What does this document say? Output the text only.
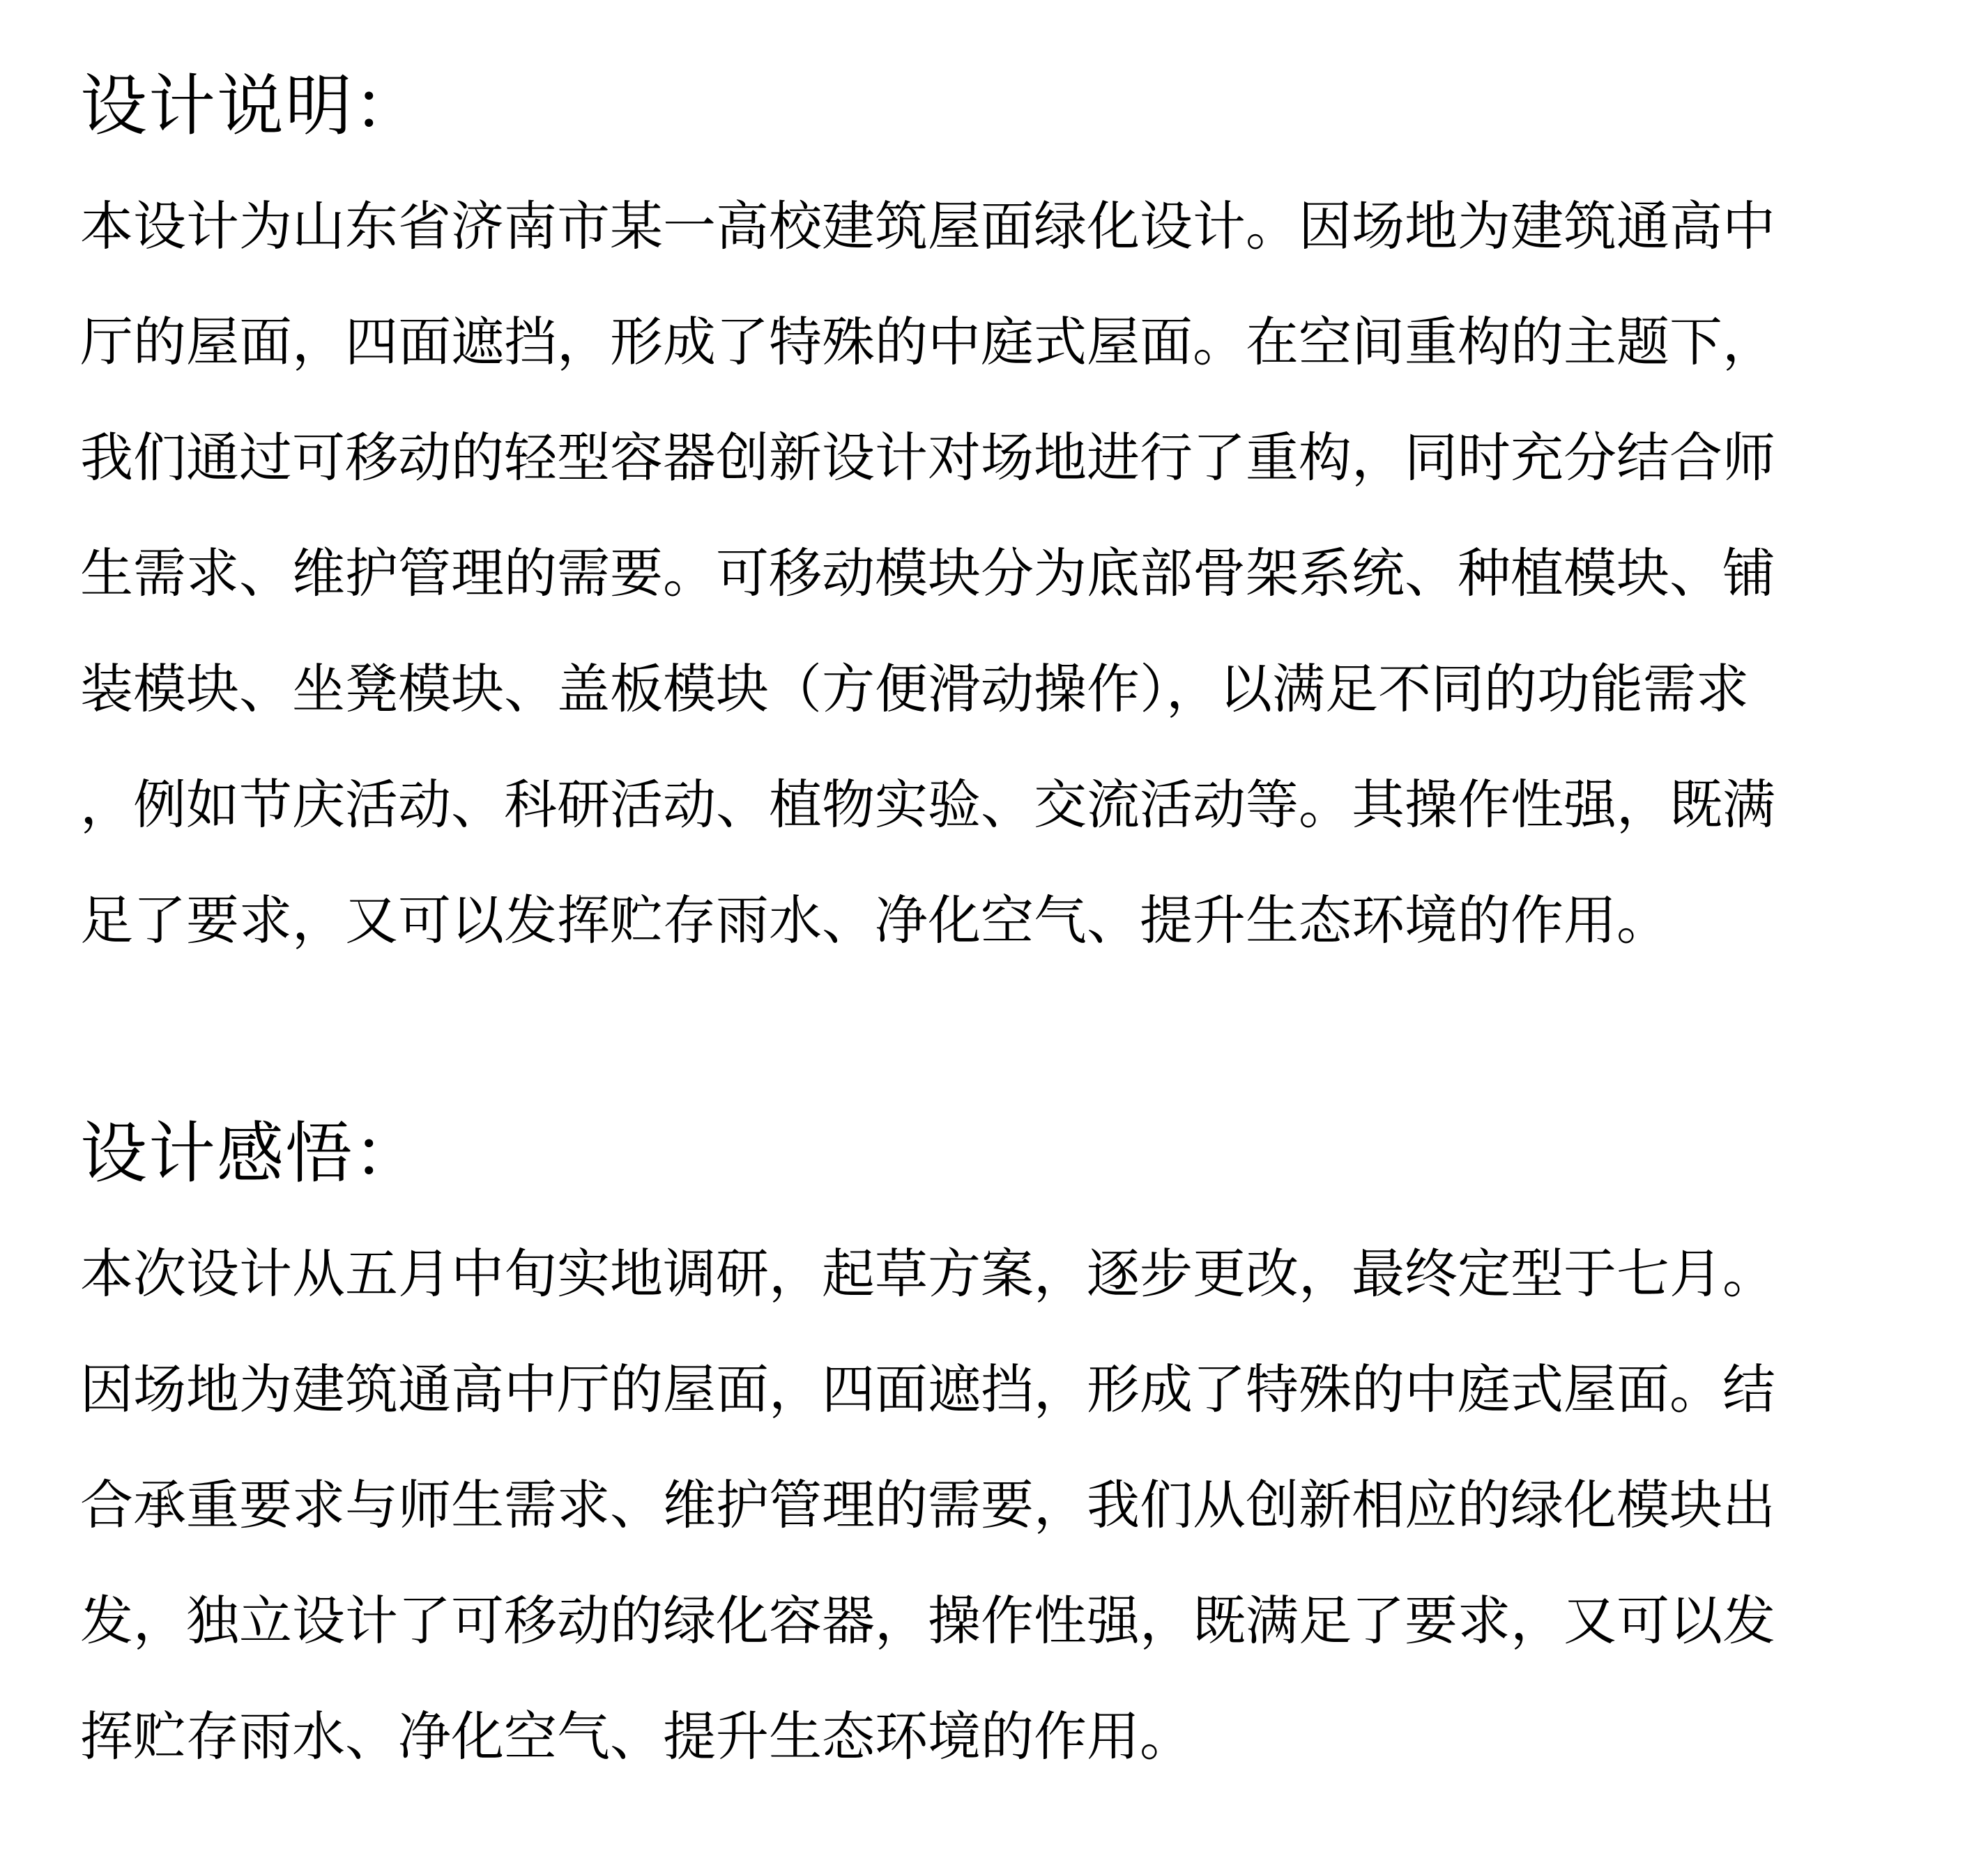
设计说明：
本设计为山东省济南市某一高校建筑屋面绿化设计。因场地为建筑通高中
厅的屋面，四面遮挡，形成了特殊的中庭式屋面。在空间重构的主题下，
我们通过可移动的轻型容器创新设计对场地进行了重构，同时充分结合师
生需求、维护管理的需要。可移动模块分为底部骨架系统、种植模块、铺
装模块、坐凳模块、盖板模块（方便滑动操作），以满足不同的功能需求
，例如节庆活动、科研活动、植物实验、交流活动等。其操作性强，既满
足了要求，又可以发挥贮存雨水、净化空气、提升生态环境的作用。
设计感悟：
本次设计从五月中旬实地调研，起草方案，逐步更改，最终定型于七月。
因场地为建筑通高中厅的屋面，四面遮挡，形成了特殊的中庭式屋面。结
合承重要求与师生需求、维护管理的需要，我们从创新相应的绿化模块出
发，独立设计了可移动的绿化容器，操作性强，既满足了要求，又可以发
挥贮存雨水、净化空气、提升生态环境的作用。
